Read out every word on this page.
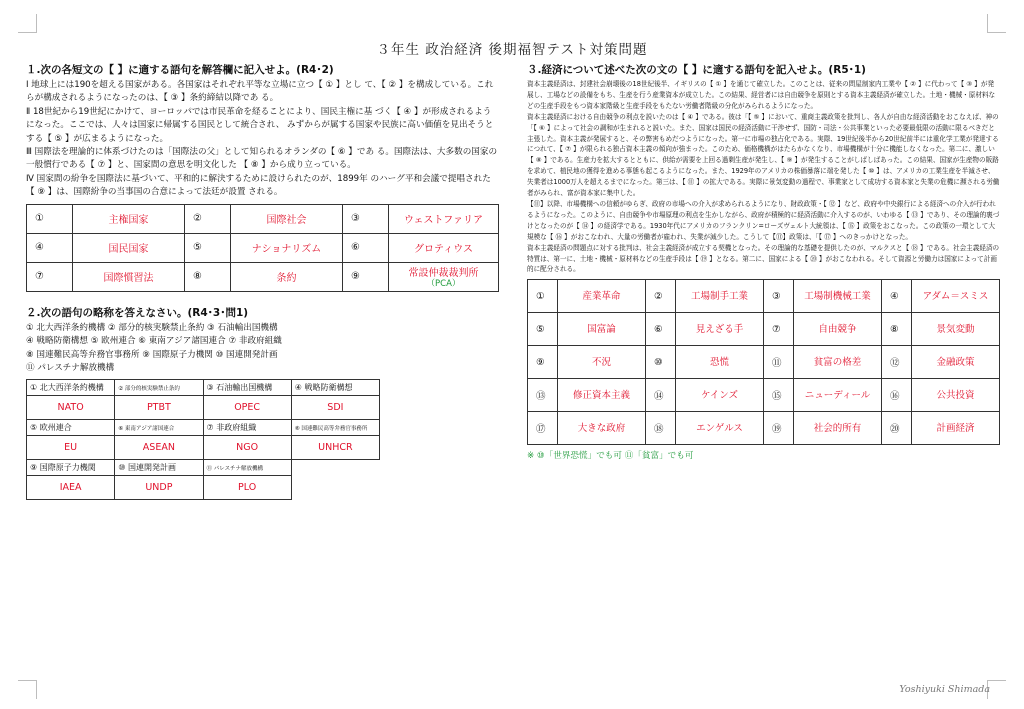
３年生 政治経済 後期福智テスト対策問題
１.次の各短文の【 】に適する語句を解答欄に記入せよ。(R4･2)

Ⅰ 地球上には190を超える国家がある。各国家はそれぞれ平等な立場に立つ【 ① 】とし て、【 ② 】を構成している。これらが構成されるようになったのは、【 ③ 】条約締結以降であ る。

Ⅱ 18世紀から19世紀にかけて、ヨーロッパでは市民革命を経ることにより、国民主権に基 づく【 ④ 】が形成されるようになった。ここでは、人々は国家に帰属する国民として統合され、 みずからが属する国家や民族に高い価値を見出そうとする【 ⑤ 】が広まるようになった。

Ⅲ 国際法を理論的に体系づけたのは「国際法の父」として知られるオランダの【 ⑥ 】であ る。国際法は、大多数の国家の一般慣行である【 ⑦ 】と、国家間の意思を明文化した 【 ⑧ 】から成り立っている。

Ⅳ 国家間の紛争を国際法に基づいて、平和的に解決するために設けられたのが、1899年 のハーグ平和会議で提唱された【 ⑨ 】は、国際紛争の当事国の合意によって法廷が設置 される。

①	主権国家	②	国際社会	③	ウェストファリア
④	国民国家	⑤	ナショナリズム	⑥	グロティウス
⑦	国際慣習法	⑧	条約	⑨	常設仲裁裁判所
（PCA）
２.次の語句の略称を答えなさい。(R4･3･問1)

① 北大西洋条約機構 ② 部分的核実験禁止条約 ③ 石油輸出国機構

④ 戦略防衛構想 ⑤ 欧州連合 ⑥ 東南アジア諸国連合 ⑦ 非政府組織

⑧ 国連難民高等弁務官事務所 ⑨ 国際原子力機関 ⑩ 国連開発計画

⑪ パレスチナ解放機構

① 北大西洋条約機構	② 部分的核実験禁止条約	③ 石油輸出国機構	④ 戦略防衛構想
NATO	PTBT	OPEC	SDI
⑤ 欧州連合	⑥ 東南アジア諸国連合	⑦ 非政府組織	⑧ 国連難民高等弁務官事務所
EU	ASEAN	NGO	UNHCR
⑨ 国際原子力機関	⑩ 国連開発計画	⑪ パレスチナ解放機構	
IAEA	UNDP	PLO	
３.経済について述べた次の文の【 】に適する語句を記入せよ。(R5･1)

資本主義経済は、封建社会崩壊後の18世紀後半、イギリスの【 ① 】を通じて確立した。このことは、従来の問屋制家内工業や【 ② 】に代わって【 ③ 】が発展し、工場などの設備をもち、生産を行う産業資本が成立した。この結果、経営者には自由競争を原則とする資本主義経済が確立した。土地・機械・原材料などの生産手段をもつ資本家階級と生産手段をもたない労働者階級の分化がみられるようになった。

資本主義経済における自由競争の利点を説いたのは【 ④ 】である。彼は「【 ⑤ 】において、重商主義政策を批判し、各人が自由な経済活動をおこなえば、神の「【 ⑥ 】によって社会の調和が生まれると説いた。また、国家は国民の経済活動に干渉せず、国防・司法・公共事業といった必要最低限の活動に限るべきだと主張した。資本主義が発展すると、その弊害もめだつようになった。第一に市場の独占化である。実際、19世紀後半から20世紀前半には重化学工業が発達するにつれて、【 ⑦ 】が限られる独占資本主義の傾向が強まった。このため、価格機構がはたらかなくなり、市場機構が十分に機能しなくなった。第二に、激しい【 ⑧ 】である。生産力を拡大するとともに、供給が需要を上回る過剰生産が発生し、【 ⑨ 】が発生することがしばしばあった。この結果、国家が生産物の販路を求めて、植民地の獲得を進める事態も起こるようになった。また、1929年のアメリカの株価暴落に端を発した【 ⑩ 】は、アメリカの工業生産を半減させ、失業者は1000万人を超えるまでになった。第三は、【 ⑪ 】の拡大である。実際に景気変動の過程で、事業家として成功する資本家と失業の危機に瀕される労働者がみられ、富が資本家に集中した。

【⑪】以降、市場機構への信頼がゆらぎ、政府の市場への介入が求められるようになり、財政政策・【 ⑫ 】など、政府や中央銀行による経済への介入が行われるようになった。このように、自由競争や市場原理の利点を生かしながら、政府が積極的に経済活動に介入するのが、いわゆる【 ⑬ 】であり、その理論的裏づけとなったのが【 ⑭ 】の経済学である。1930年代にアメリカのフランクリン=ローズヴェルト大統領は、【 ⑮ 】政策をおこなった。この政策の一環として大規模な【 ⑯ 】がおこなわれ、大量の労働者が雇われ、失業が減少した。こうして【⑪】政策は、「【 ⑰ 】へのきっかけとなった。

資本主義経済の問題点に対する批判は、社会主義経済が成立する契機となった。その理論的な基礎を提供したのが、マルクスと【 ⑱ 】である。社会主義経済の特質は、第一に、土地・機械・原材料などの生産手段は【 ⑲ 】となる。第二に、国家による【 ⑳ 】がおこなわれる。そして資源と労働力は国家によって計画的に配分される。

①	産業革命	②	工場制手工業	③	工場制機械工業	④	アダム＝スミス
⑤	国富論	⑥	見えざる手	⑦	自由競争	⑧	景気変動
⑨	不況	⑩	恐慌	⑪	貧富の格差	⑫	金融政策
⑬	修正資本主義	⑭	ケインズ	⑮	ニューディール	⑯	公共投資
⑰	大きな政府	⑱	エンゲルス	⑲	社会的所有	⑳	計画経済
※ ⑩「世界恐慌」でも可 ⑪「貧富」でも可
Yoshiyuki Shimada
